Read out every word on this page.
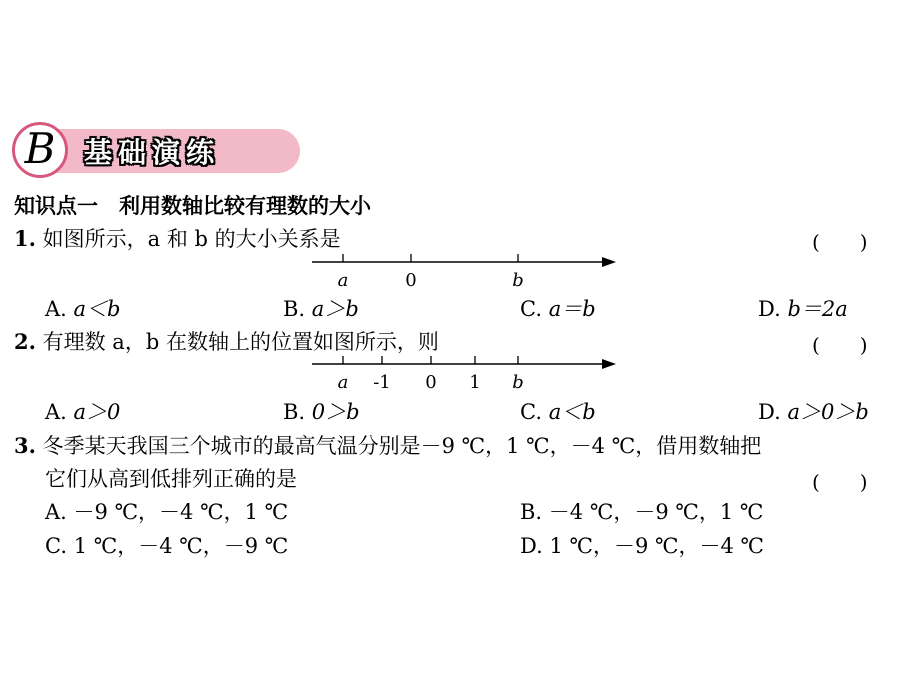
B	基础演练
知识点一　利用数轴比较有理数的大小
1. 如图所示，a 和 b 的大小关系是	(　　)
a	0	b
A. a＜b	B. a＞b	C. a＝b	D. b＝2a
2. 有理数 a，b 在数轴上的位置如图所示，则	(　　)
a -1 0 1 b
A. a＞0	B. 0＞b	C. a＜b	D. a＞0＞b
3. 冬季某天我国三个城市的最高气温分别是－9 ℃，1 ℃，－4 ℃，借用数轴把
它们从高到低排列正确的是	(　　)
A. －9 ℃，－4 ℃，1 ℃	B. －4 ℃，－9 ℃，1 ℃
C. 1 ℃，－4 ℃，－9 ℃	D. 1 ℃，－9 ℃，－4 ℃
